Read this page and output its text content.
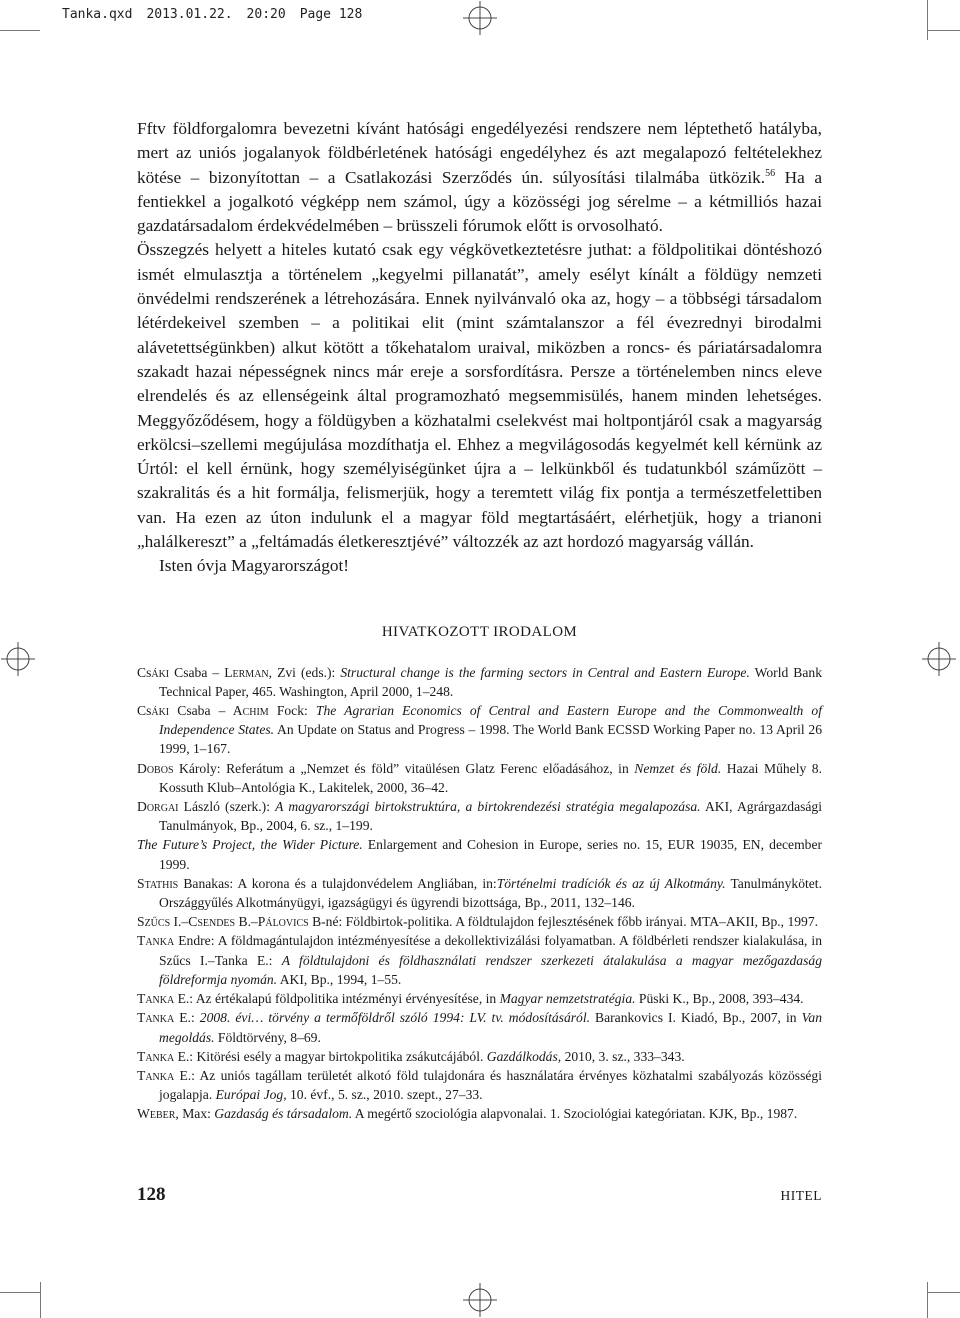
Tanka.qxd 2013.01.22. 20:20 Page 128

Fftv földforgalomra bevezetni kívánt hatósági engedélyezési rendszere nem léptethető hatályba, mert az uniós jogalanyok földbérletének hatósági engedélyhez és azt megalapozó feltételekhez kötése – bizonyítottan – a Csatlakozási Szerződés ún. súlyosítási tilalmába ütközik.$^{56}$ Ha a fentiekkel a jogalkotó végképp nem számol, úgy a közösségi jog sérelme – a kétmilliós hazai gazdatársadalom érdekvédelmében – brüsszeli fórumok előtt is orvosolható.

Összegzés helyett a hiteles kutató csak egy végkövetkeztetésre juthat: a földpolitikai döntéshozó ismét elmulasztja a történelem „kegyelmi pillanatát”, amely esélyt kínált a földügy nemzeti önvédelmi rendszerének a létrehozására. Ennek nyilvánvaló oka az, hogy – a többségi társadalom létérdekeivel szemben – a politikai elit (mint számtalanszor a fél évezrednyi birodalmi alávetettségünkben) alkut kötött a tőkehatalom uraival, miközben a roncs- és páriatársadalomra szakadt hazai népességnek nincs már ereje a sorsfordításra. Persze a történelemben nincs eleve elrendelés és az ellenségeink által programozható megsemmisülés, hanem minden lehetséges. Meggyőződésem, hogy a földügyben a közhatalmi cselekvést mai holtpontjáról csak a magyarság erkölcsi–szellemi megújulása mozdíthatja el. Ehhez a megvilágosodás kegyelmét kell kérnünk az Úrtól: el kell érnünk, hogy személyiségünket újra a – lelkünkből és tudatunkból száműzött – szakralitás és a hit formálja, felismerjük, hogy a teremtett világ fix pontja a természetfelettiben van. Ha ezen az úton indulunk el a magyar föld megtartásáért, elérhetjük, hogy a trianoni „halálkereszt” a „feltámadás életkeresztjévé” változzék az azt hordozó magyarság vállán.

Isten óvja Magyarországot!

HIVATKOZOTT IRODALOM
Csáki Csaba – Lerman, Zvi (eds.): Structural change is the farming sectors in Central and Eastern Europe. World Bank Technical Paper, 465. Washington, April 2000, 1–248.
Csáki Csaba – Achim Fock: The Agrarian Economics of Central and Eastern Europe and the Commonwealth of Independence States. An Update on Status and Progress – 1998. The World Bank ECSSD Working Paper no. 13 April 26 1999, 1–167.
Dobos Károly: Referátum a „Nemzet és föld” vitaülésen Glatz Ferenc előadásához, in Nemzet és föld. Hazai Műhely 8. Kossuth Klub–Antológia K., Lakitelek, 2000, 36–42.
Dorgai László (szerk.): A magyarországi birtokstruktúra, a birtokrendezési stratégia megalapozása. AKI, Agrárgazdasági Tanulmányok, Bp., 2004, 6. sz., 1–199.
The Future’s Project, the Wider Picture. Enlargement and Cohesion in Europe, series no. 15, EUR 19035, EN, december 1999.
Stathis Banakas: A korona és a tulajdonvédelem Angliában, in:Történelmi tradíciók és az új Alkotmány. Tanulmánykötet. Országgyűlés Alkotmányügyi, igazságügyi és ügyrendi bizottsága, Bp., 2011, 132–146.
Szűcs I.–Csendes B.–Pálovics B-né: Földbirtok-politika. A földtulajdon fejlesztésének főbb irányai. MTA–AKII, Bp., 1997.
Tanka Endre: A földmagántulajdon intézményesítése a dekollektivizálási folyamatban. A földbérleti rendszer kialakulása, in Szűcs I.–Tanka E.: A földtulajdoni és földhasználati rendszer szerkezeti átalakulása a magyar mezőgazdaság földreformja nyomán. AKI, Bp., 1994, 1–55.
Tanka E.: Az értékalapú földpolitika intézményi érvényesítése, in Magyar nemzetstratégia. Püski K., Bp., 2008, 393–434.
Tanka E.: 2008. évi… törvény a termőföldről szóló 1994: LV. tv. módosításáról. Barankovics I. Kiadó, Bp., 2007, in Van megoldás. Földtörvény, 8–69.
Tanka E.: Kitörési esély a magyar birtokpolitika zsákutcájából. Gazdálkodás, 2010, 3. sz., 333–343.
Tanka E.: Az uniós tagállam területét alkotó föld tulajdonára és használatára érvényes közhatalmi szabályozás közösségi jogalapja. Európai Jog, 10. évf., 5. sz., 2010. szept., 27–33.
Weber, Max: Gazdaság és társadalom. A megértő szociológia alapvonalai. 1. Szociológiai kategóriatan. KJK, Bp., 1987.
128	HITEL
